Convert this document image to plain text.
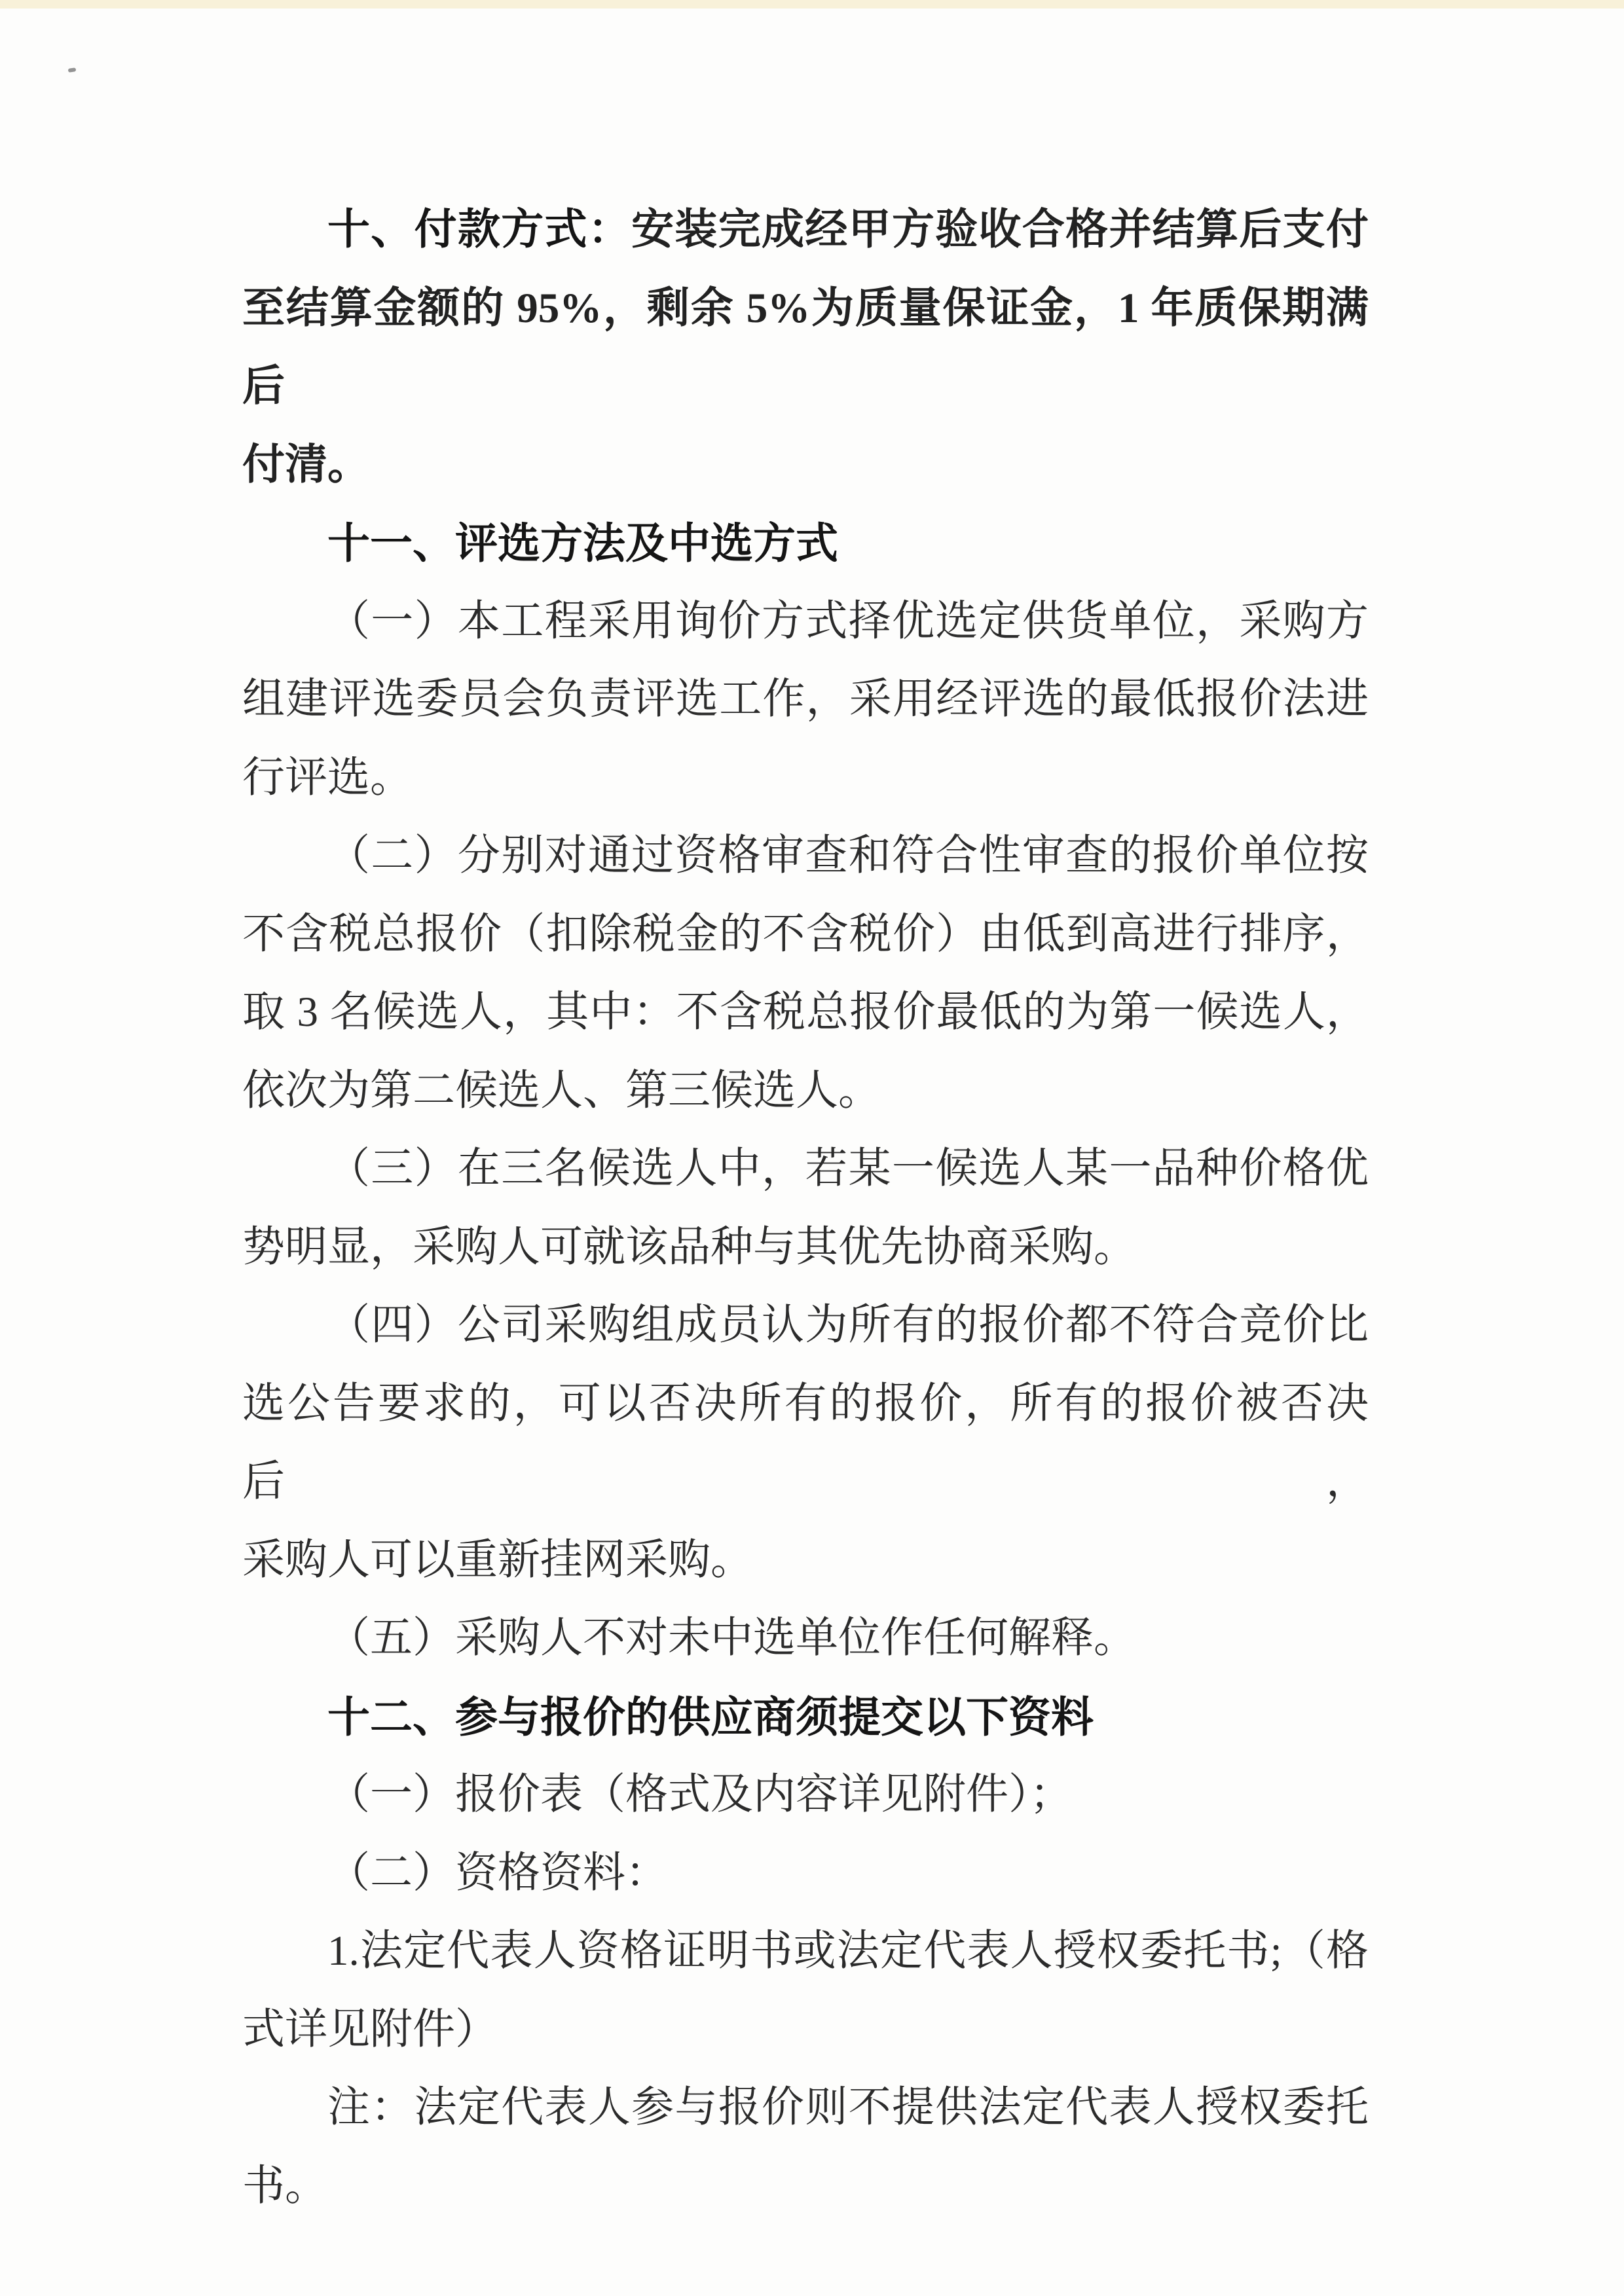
十、付款方式：安装完成经甲方验收合格并结算后支付
至结算金额的 95%，剩余 5%为质量保证金，1 年质保期满后
付清。
十一、评选方法及中选方式
（一）本工程采用询价方式择优选定供货单位，采购方
组建评选委员会负责评选工作，采用经评选的最低报价法进
行评选。
（二）分别对通过资格审查和符合性审查的报价单位按
不含税总报价（扣除税金的不含税价）由低到高进行排序，
取 3 名候选人，其中：不含税总报价最低的为第一候选人，
依次为第二候选人、第三候选人。
（三）在三名候选人中，若某一候选人某一品种价格优
势明显，采购人可就该品种与其优先协商采购。
（四）公司采购组成员认为所有的报价都不符合竞价比
选公告要求的，可以否决所有的报价，所有的报价被否决后，
采购人可以重新挂网采购。
（五）采购人不对未中选单位作任何解释。
十二、参与报价的供应商须提交以下资料
（一）报价表（格式及内容详见附件）；
（二）资格资料：
1.法定代表人资格证明书或法定代表人授权委托书;（格
式详见附件）
注：法定代表人参与报价则不提供法定代表人授权委托
书。
